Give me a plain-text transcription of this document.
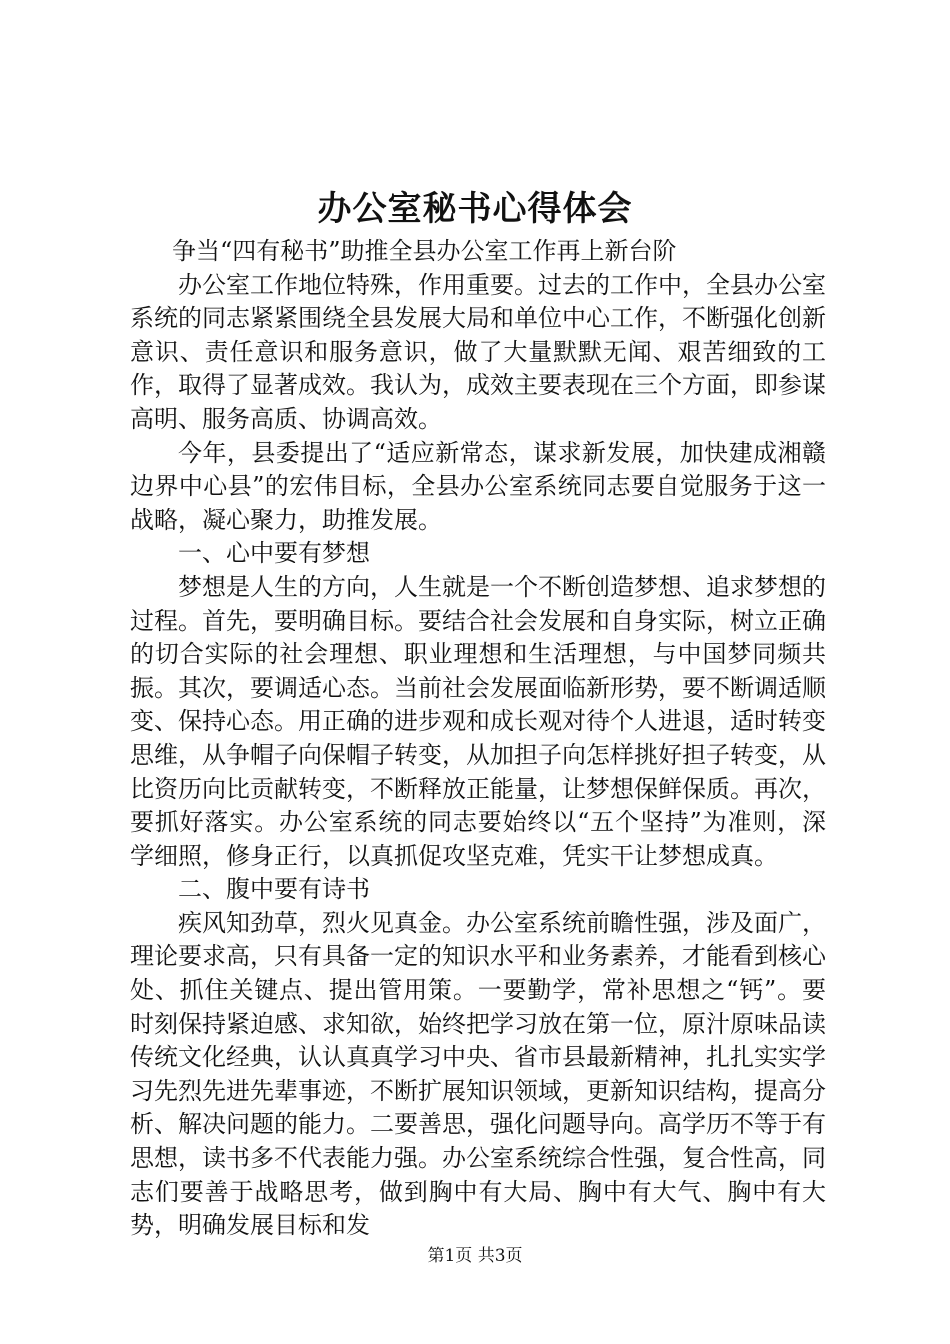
办公室秘书心得体会

争当“四有秘书”助推全县办公室工作再上新台阶

办公室工作地位特殊，作用重要。过去的工作中，全县办公室系统的同志紧紧围绕全县发展大局和单位中心工作，不断强化创新意识、责任意识和服务意识，做了大量默默无闻、艰苦细致的工作，取得了显著成效。我认为，成效主要表现在三个方面，即参谋高明、服务高质、协调高效。

今年，县委提出了“适应新常态，谋求新发展，加快建成湘赣边界中心县”的宏伟目标，全县办公室系统同志要自觉服务于这一战略，凝心聚力，助推发展。

一、心中要有梦想

梦想是人生的方向，人生就是一个不断创造梦想、追求梦想的过程。首先，要明确目标。要结合社会发展和自身实际，树立正确的切合实际的社会理想、职业理想和生活理想，与中国梦同频共振。其次，要调适心态。当前社会发展面临新形势，要不断调适顺变、保持心态。用正确的进步观和成长观对待个人进退，适时转变思维，从争帽子向保帽子转变，从加担子向怎样挑好担子转变，从比资历向比贡献转变，不断释放正能量，让梦想保鲜保质。再次，要抓好落实。办公室系统的同志要始终以“五个坚持”为准则，深学细照，修身正行，以真抓促攻坚克难，凭实干让梦想成真。

二、腹中要有诗书

疾风知劲草，烈火见真金。办公室系统前瞻性强，涉及面广，理论要求高，只有具备一定的知识水平和业务素养，才能看到核心处、抓住关键点、提出管用策。一要勤学，常补思想之“钙”。要时刻保持紧迫感、求知欲，始终把学习放在第一位，原汁原味品读传统文化经典，认认真真学习中央、省市县最新精神，扎扎实实学习先烈先进先辈事迹，不断扩展知识领域，更新知识结构，提高分析、解决问题的能力。二要善思，强化问题导向。高学历不等于有思想，读书多不代表能力强。办公室系统综合性强，复合性高，同志们要善于战略思考，做到胸中有大局、胸中有大气、胸中有大势，明确发展目标和发

第1页 共3页
